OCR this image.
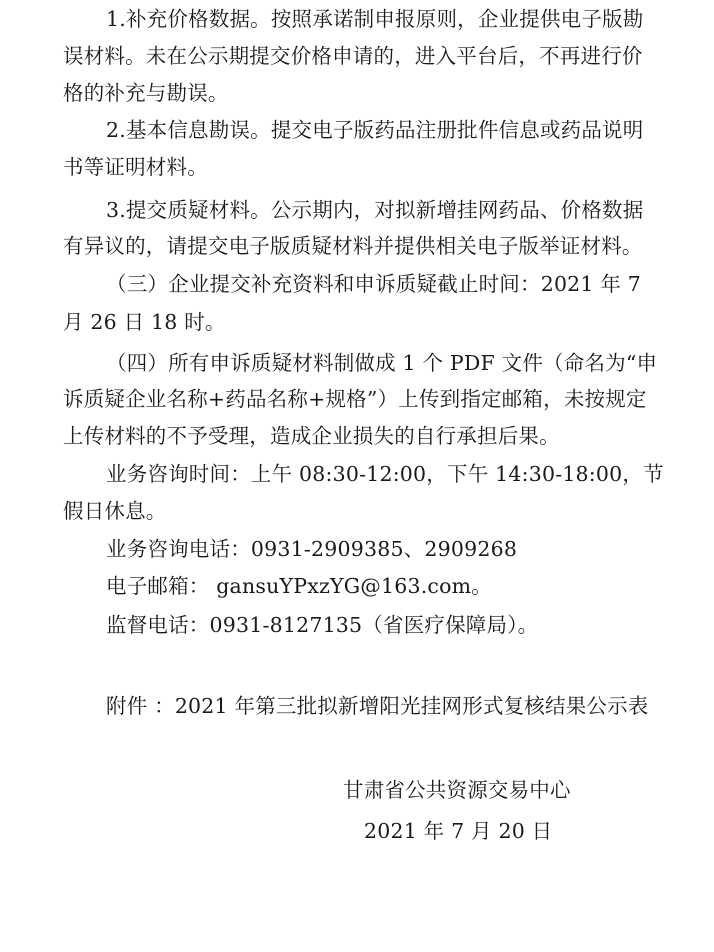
1.补充价格数据。按照承诺制申报原则，企业提供电子版勘
误材料。未在公示期提交价格申请的，进入平台后，不再进行价
格的补充与勘误。
2.基本信息勘误。提交电子版药品注册批件信息或药品说明
书等证明材料。
3.提交质疑材料。公示期内，对拟新增挂网药品、价格数据
有异议的，请提交电子版质疑材料并提供相关电子版举证材料。
（三）企业提交补充资料和申诉质疑截止时间：2021 年 7
月 26 日 18 时。
（四）所有申诉质疑材料制做成 1 个 PDF 文件（命名为“申
诉质疑企业名称+药品名称+规格”）上传到指定邮箱，未按规定
上传材料的不予受理，造成企业损失的自行承担后果。
业务咨询时间：上午 08:30-12:00，下午 14:30-18:00，节
假日休息。
业务咨询电话：0931-2909385、2909268
电子邮箱： gansuYPxzYG@163.com。
监督电话：0931-8127135（省医疗保障局）。
附件 ：2021 年第三批拟新增阳光挂网形式复核结果公示表
甘肃省公共资源交易中心
2021 年 7 月 20 日
